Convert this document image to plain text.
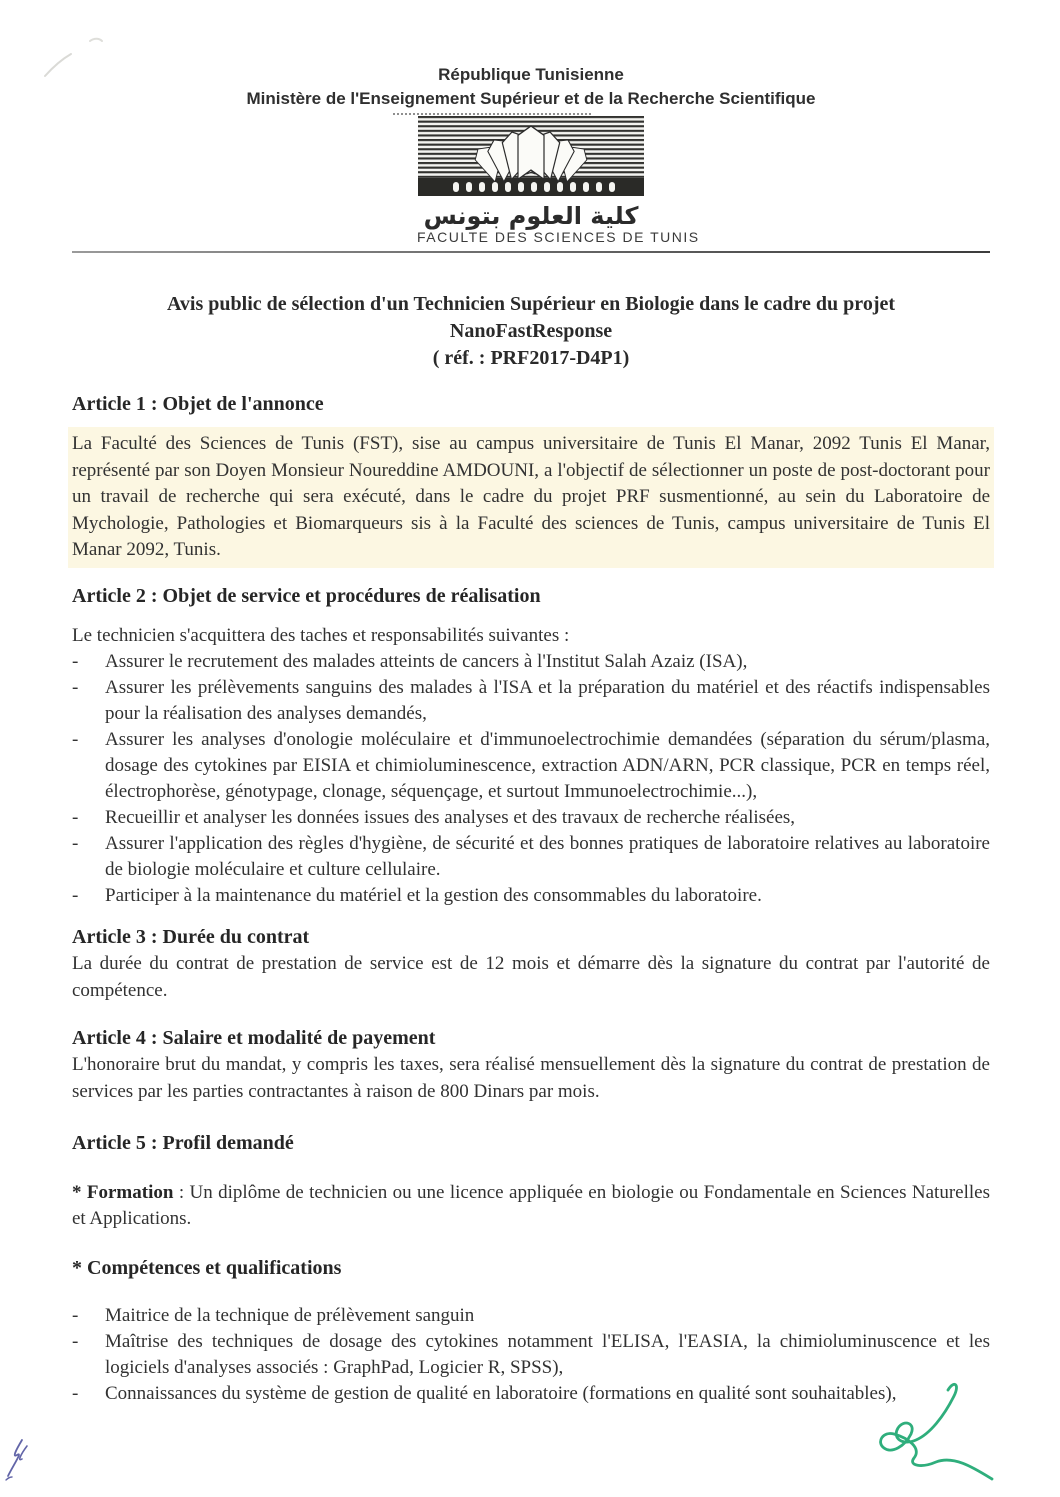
République Tunisienne
Ministère de l'Enseignement Supérieur et de la Recherche Scientifique
كلية العلوم بتونس
FACULTE DES SCIENCES DE TUNIS
Avis public de sélection d'un Technicien Supérieur en Biologie dans le cadre du projet
NanoFastResponse
( réf. : PRF2017-D4P1)
Article 1 : Objet de l'annonce

La Faculté des Sciences de Tunis (FST), sise au campus universitaire de Tunis El Manar, 2092 Tunis El Manar, représenté par son Doyen Monsieur Noureddine AMDOUNI, a l'objectif de sélectionner un poste de post-doctorant pour un travail de recherche qui sera exécuté, dans le cadre du projet PRF susmentionné, au sein du Laboratoire de Mychologie, Pathologies et Biomarqueurs sis à la Faculté des sciences de Tunis, campus universitaire de Tunis El Manar 2092, Tunis.

Article 2 : Objet de service et procédures de réalisation

Le technicien s'acquittera des taches et responsabilités suivantes :

-	Assurer le recrutement des malades atteints de cancers à l'Institut Salah Azaiz (ISA),
-	Assurer les prélèvements sanguins des malades à l'ISA et la préparation du matériel et des réactifs indispensables pour la réalisation des analyses demandés,
-	Assurer les analyses d'onologie moléculaire et d'immunoelectrochimie demandées (séparation du sérum/plasma, dosage des cytokines par EISIA et chimioluminescence, extraction ADN/ARN, PCR classique, PCR en temps réel, électrophorèse, génotypage, clonage, séquençage, et surtout Immunoelectrochimie...),
-	Recueillir et analyser les données issues des analyses et des travaux de recherche réalisées,
-	Assurer l'application des règles d'hygiène, de sécurité et des bonnes pratiques de laboratoire relatives au laboratoire de biologie moléculaire et culture cellulaire.
-	Participer à la maintenance du matériel et la gestion des consommables du laboratoire.
Article 3 : Durée du contrat

La durée du contrat de prestation de service est de 12 mois et démarre dès la signature du contrat par l'autorité de compétence.

Article 4 : Salaire et modalité de payement

L'honoraire brut du mandat, y compris les taxes, sera réalisé mensuellement dès la signature du contrat de prestation de services par les parties contractantes à raison de 800 Dinars par mois.

Article 5 : Profil demandé

* Formation : Un diplôme de technicien ou une licence appliquée en biologie ou Fondamentale en Sciences Naturelles et Applications.

* Compétences et qualifications
-	Maitrice de la technique de prélèvement sanguin
-	Maîtrise des techniques de dosage des cytokines notamment l'ELISA, l'EASIA, la chimioluminuscence et les logiciels d'analyses associés : GraphPad, Logicier R, SPSS),
-	Connaissances du système de gestion de qualité en laboratoire (formations en qualité sont souhaitables),
